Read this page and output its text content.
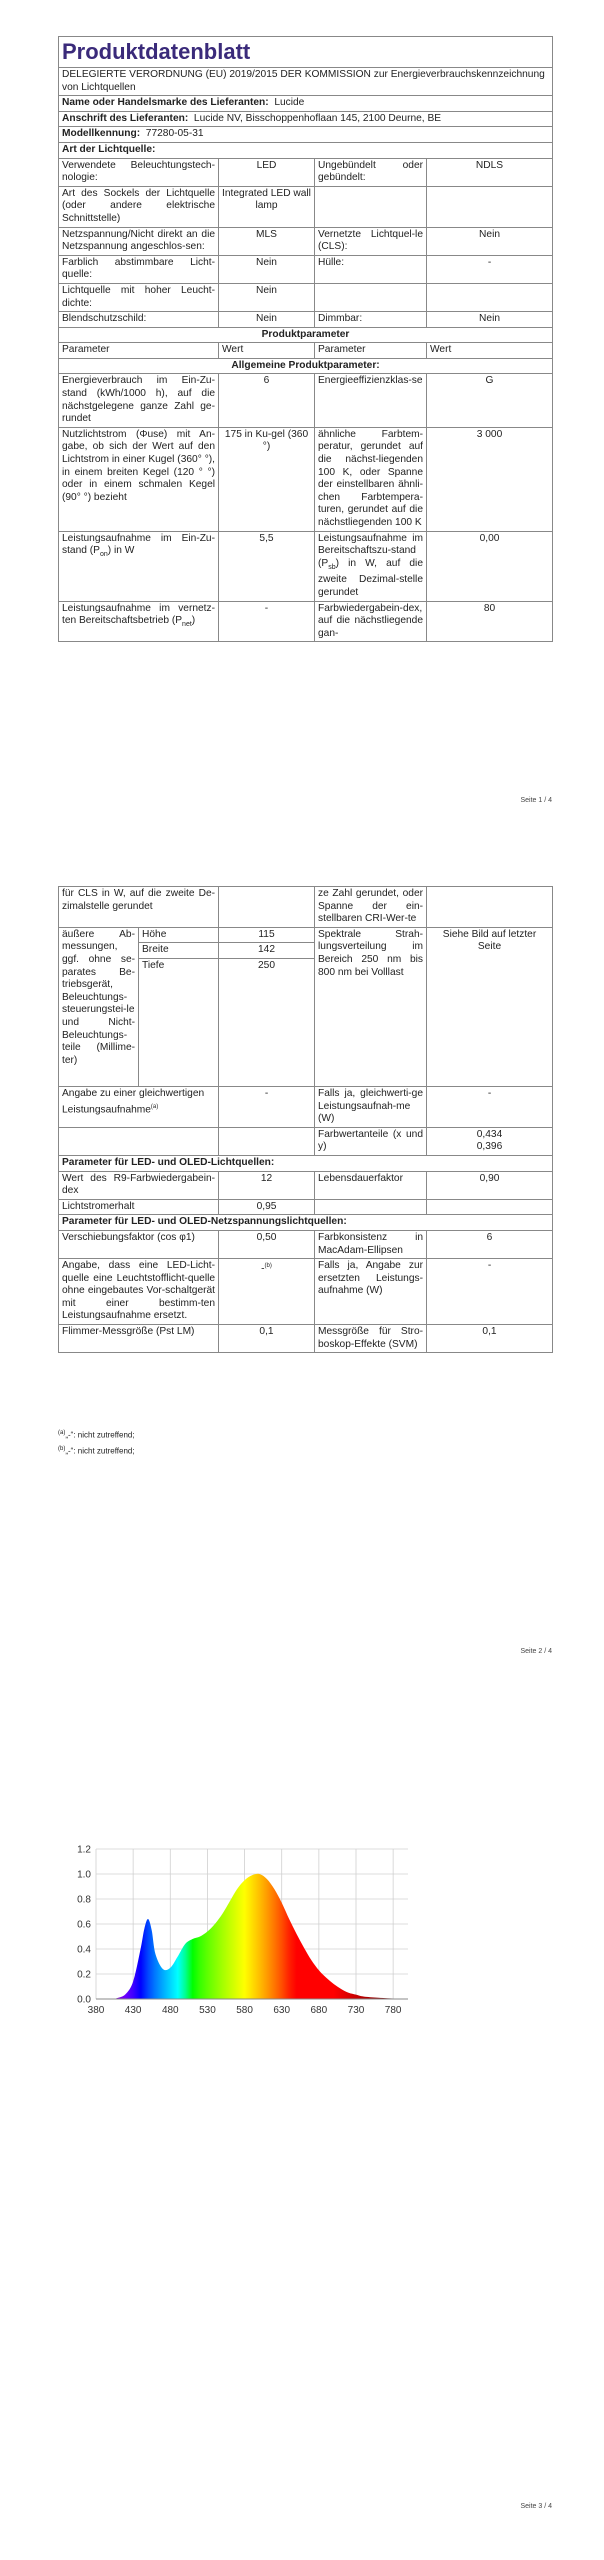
Produktdatenblatt			
DELEGIERTE VERORDNUNG (EU) 2019/2015 DER KOMMISSION zur Energieverbrauchskennzeichnung von Lichtquellen			
Name oder Handelsmarke des Lieferanten: Lucide			
Anschrift des Lieferanten: Lucide NV, Bisschoppenhoflaan 145, 2100 Deurne, BE			
Modellkennung: 77280-05-31			
Art der Lichtquelle:			
Verwendete Beleuchtungstech-nologie:	LED	Ungebündelt oder gebündelt:	NDLS
Art des Sockels der Lichtquelle (oder andere elektrische Schnittstelle)	Integrated LED wall lamp		
Netzspannung/Nicht direkt an die Netzspannung angeschlos-sen:	MLS	Vernetzte Lichtquel-le (CLS):	Nein
Farblich abstimmbare Licht-quelle:	Nein	Hülle:	-
Lichtquelle mit hoher Leucht-dichte:	Nein		
Blendschutzschild:	Nein	Dimmbar:	Nein
Produktparameter			
Parameter	Wert	Parameter	Wert
Allgemeine Produktparameter:			
Energieverbrauch im Ein-Zu-stand (kWh/1000 h), auf die nächstgelegene ganze Zahl ge-rundet	6	Energieeffizienzklas-se	G
Nutzlichtstrom (Φuse) mit An-gabe, ob sich der Wert auf den Lichtstrom in einer Kugel (360° °), in einem breiten Kegel (120 ° °) oder in einem schmalen Kegel (90° °) bezieht	175 in Ku-gel (360 °)	ähnliche Farbtem-peratur, gerundet auf die nächst-liegenden 100 K, oder Spanne der einstellbaren ähnli-chen Farbtempera-turen, gerundet auf die nächstliegenden 100 K	3 000
Leistungsaufnahme im Ein-Zu-stand $(P_{on})$ in W	5,5	Leistungsaufnahme im Bereitschaftszu-stand $(P_{sb})$ in W, auf die zweite Dezimal-stelle gerundet	0,00
Leistungsaufnahme im vernetz-ten Bereitschaftsbetrieb $(P_{net})$	-	Farbwiedergabein-dex, auf die nächstliegende gan-	80
Seite 1 / 4
für CLS in W, auf die zweite De-zimalstelle gerundet			ze Zahl gerundet, oder Spanne der ein-stellbaren CRI-Wer-te	
äußere Ab-messungen, ggf. ohne se-parates Be-triebsgerät, Beleuchtungs-steuerungstei-le und Nicht-Beleuchtungs-teile (Millime-ter)	Höhe	115	Spektrale Strah-lungsverteilung im Bereich 250 nm bis 800 nm bei Volllast	Siehe Bild auf letzter Seite
	Breite	142		
	Tiefe	250		
Angabe zu einer gleichwertigen Leistungsaufnahme$^{(a)}$		-	Falls ja, gleichwerti-ge Leistungsaufnah-me (W)	-
			Farbwertanteile (x und y)	0,434
0,396

Parameter für LED- und OLED-Lichtquellen:				
Wert des R9-Farbwiedergabein-dex		12	Lebensdauerfaktor	0,90
Lichtstromerhalt		0,95		
Parameter für LED- und OLED-Netzspannungslichtquellen:				
Verschiebungsfaktor (cos φ1)		0,50	Farbkonsistenz in MacAdam-Ellipsen	6
Angabe, dass eine LED-Licht-quelle eine Leuchtstofflicht-quelle ohne eingebautes Vor-schaltgerät mit einer bestimm-ten Leistungsaufnahme ersetzt.		-$^{(b)}$	Falls ja, Angabe zur ersetzten Leistungs-aufnahme (W)	-
Flimmer-Messgröße (Pst LM)		0,1	Messgröße für Stro-boskop-Effekte (SVM)	0,1
$^{(a)}$„-“: nicht zutreffend;
$^{(b)}$„-“: nicht zutreffend;
Seite 2 / 4
0.0
0.2
0.4
0.6
0.8
1.0
1.2
380 430 480 530 580 630 680 730 780
Seite 3 / 4
